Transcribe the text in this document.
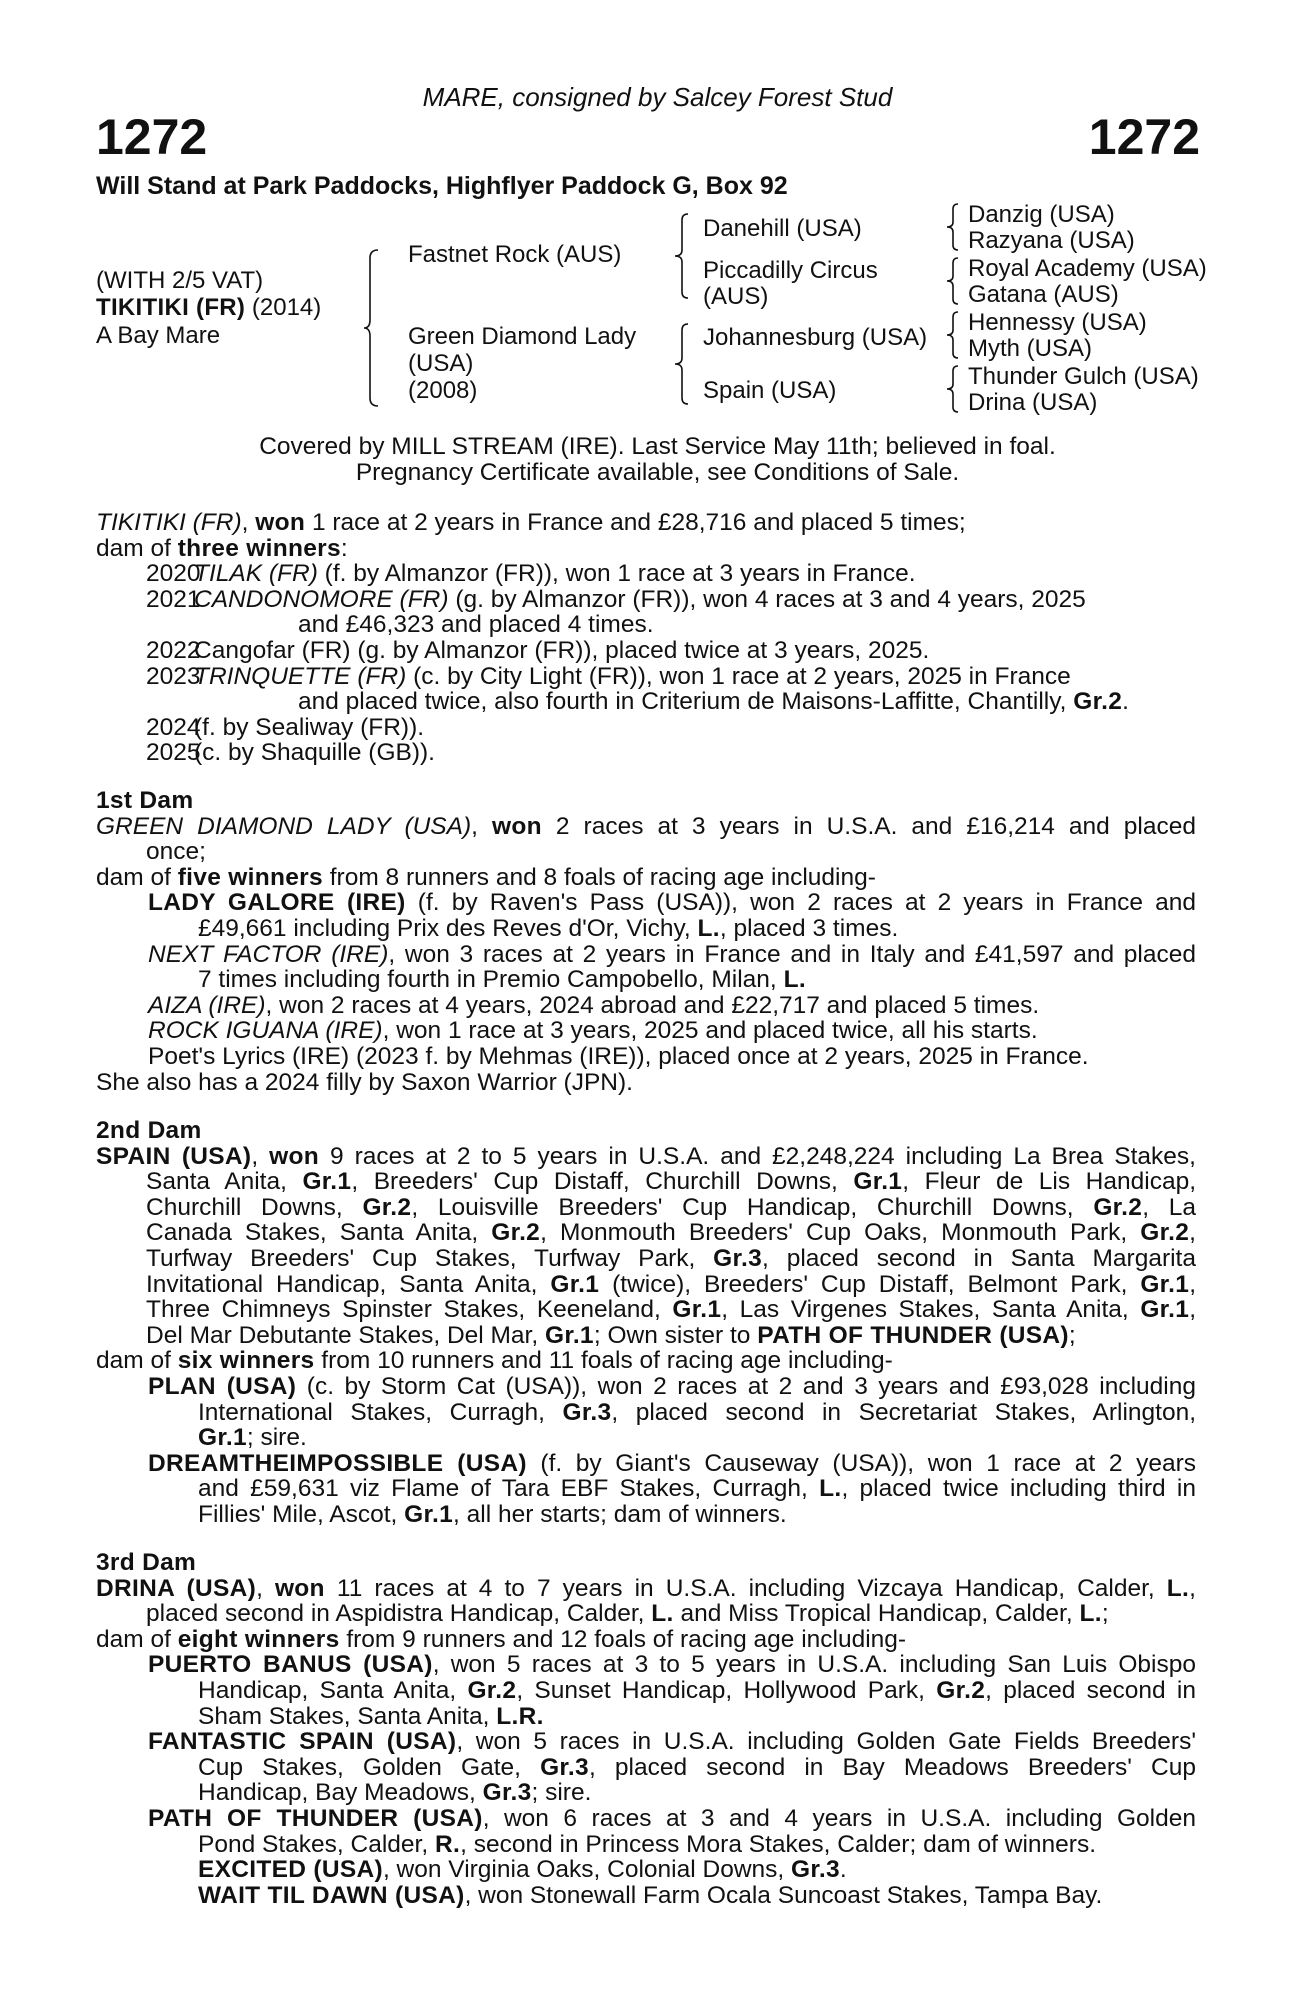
MARE, consigned by Salcey Forest Stud
1272	1272
Will Stand at Park Paddocks, Highflyer Paddock G, Box 92
(WITH 2/5 VAT)
TIKITIKI (FR) (2014)
A Bay Mare
Fastnet Rock (AUS)
Green Diamond Lady
(USA)
(2008)
Danehill (USA)
Piccadilly Circus
(AUS)
Johannesburg (USA)
Spain (USA)
Danzig (USA)
Razyana (USA)
Royal Academy (USA)
Gatana (AUS)
Hennessy (USA)
Myth (USA)
Thunder Gulch (USA)
Drina (USA)
Covered by MILL STREAM (IRE). Last Service May 11th; believed in foal.
Pregnancy Certificate available, see Conditions of Sale.
TIKITIKI (FR), won 1 race at 2 years in France and £28,716 and placed 5 times;
dam of three winners:
2020TILAK (FR) (f. by Almanzor (FR)), won 1 race at 3 years in France.
2021CANDONOMORE (FR) (g. by Almanzor (FR)), won 4 races at 3 and 4 years, 2025
and £46,323 and placed 4 times.
2022Cangofar (FR) (g. by Almanzor (FR)), placed twice at 3 years, 2025.
2023TRINQUETTE (FR) (c. by City Light (FR)), won 1 race at 2 years, 2025 in France
and placed twice, also fourth in Criterium de Maisons-Laffitte, Chantilly, Gr.2.
2024(f. by Sealiway (FR)).
2025(c. by Shaquille (GB)).
1st Dam
GREEN DIAMOND LADY (USA), won 2 races at 3 years in U.S.A. and £16,214 and placed
once;
dam of five winners from 8 runners and 8 foals of racing age including-
LADY GALORE (IRE) (f. by Raven's Pass (USA)), won 2 races at 2 years in France and
£49,661 including Prix des Reves d'Or, Vichy, L., placed 3 times.
NEXT FACTOR (IRE), won 3 races at 2 years in France and in Italy and £41,597 and placed
7 times including fourth in Premio Campobello, Milan, L.
AIZA (IRE), won 2 races at 4 years, 2024 abroad and £22,717 and placed 5 times.
ROCK IGUANA (IRE), won 1 race at 3 years, 2025 and placed twice, all his starts.
Poet's Lyrics (IRE) (2023 f. by Mehmas (IRE)), placed once at 2 years, 2025 in France.
She also has a 2024 filly by Saxon Warrior (JPN).
2nd Dam
SPAIN (USA), won 9 races at 2 to 5 years in U.S.A. and £2,248,224 including La Brea Stakes,
Santa Anita, Gr.1, Breeders' Cup Distaff, Churchill Downs, Gr.1, Fleur de Lis Handicap,
Churchill Downs, Gr.2, Louisville Breeders' Cup Handicap, Churchill Downs, Gr.2, La
Canada Stakes, Santa Anita, Gr.2, Monmouth Breeders' Cup Oaks, Monmouth Park, Gr.2,
Turfway Breeders' Cup Stakes, Turfway Park, Gr.3, placed second in Santa Margarita
Invitational Handicap, Santa Anita, Gr.1 (twice), Breeders' Cup Distaff, Belmont Park, Gr.1,
Three Chimneys Spinster Stakes, Keeneland, Gr.1, Las Virgenes Stakes, Santa Anita, Gr.1,
Del Mar Debutante Stakes, Del Mar, Gr.1; Own sister to PATH OF THUNDER (USA);
dam of six winners from 10 runners and 11 foals of racing age including-
PLAN (USA) (c. by Storm Cat (USA)), won 2 races at 2 and 3 years and £93,028 including
International Stakes, Curragh, Gr.3, placed second in Secretariat Stakes, Arlington,
Gr.1; sire.
DREAMTHEIMPOSSIBLE (USA) (f. by Giant's Causeway (USA)), won 1 race at 2 years
and £59,631 viz Flame of Tara EBF Stakes, Curragh, L., placed twice including third in
Fillies' Mile, Ascot, Gr.1, all her starts; dam of winners.
3rd Dam
DRINA (USA), won 11 races at 4 to 7 years in U.S.A. including Vizcaya Handicap, Calder, L.,
placed second in Aspidistra Handicap, Calder, L. and Miss Tropical Handicap, Calder, L.;
dam of eight winners from 9 runners and 12 foals of racing age including-
PUERTO BANUS (USA), won 5 races at 3 to 5 years in U.S.A. including San Luis Obispo
Handicap, Santa Anita, Gr.2, Sunset Handicap, Hollywood Park, Gr.2, placed second in
Sham Stakes, Santa Anita, L.R.
FANTASTIC SPAIN (USA), won 5 races in U.S.A. including Golden Gate Fields Breeders'
Cup Stakes, Golden Gate, Gr.3, placed second in Bay Meadows Breeders' Cup
Handicap, Bay Meadows, Gr.3; sire.
PATH OF THUNDER (USA), won 6 races at 3 and 4 years in U.S.A. including Golden
Pond Stakes, Calder, R., second in Princess Mora Stakes, Calder; dam of winners.
EXCITED (USA), won Virginia Oaks, Colonial Downs, Gr.3.
WAIT TIL DAWN (USA), won Stonewall Farm Ocala Suncoast Stakes, Tampa Bay.
